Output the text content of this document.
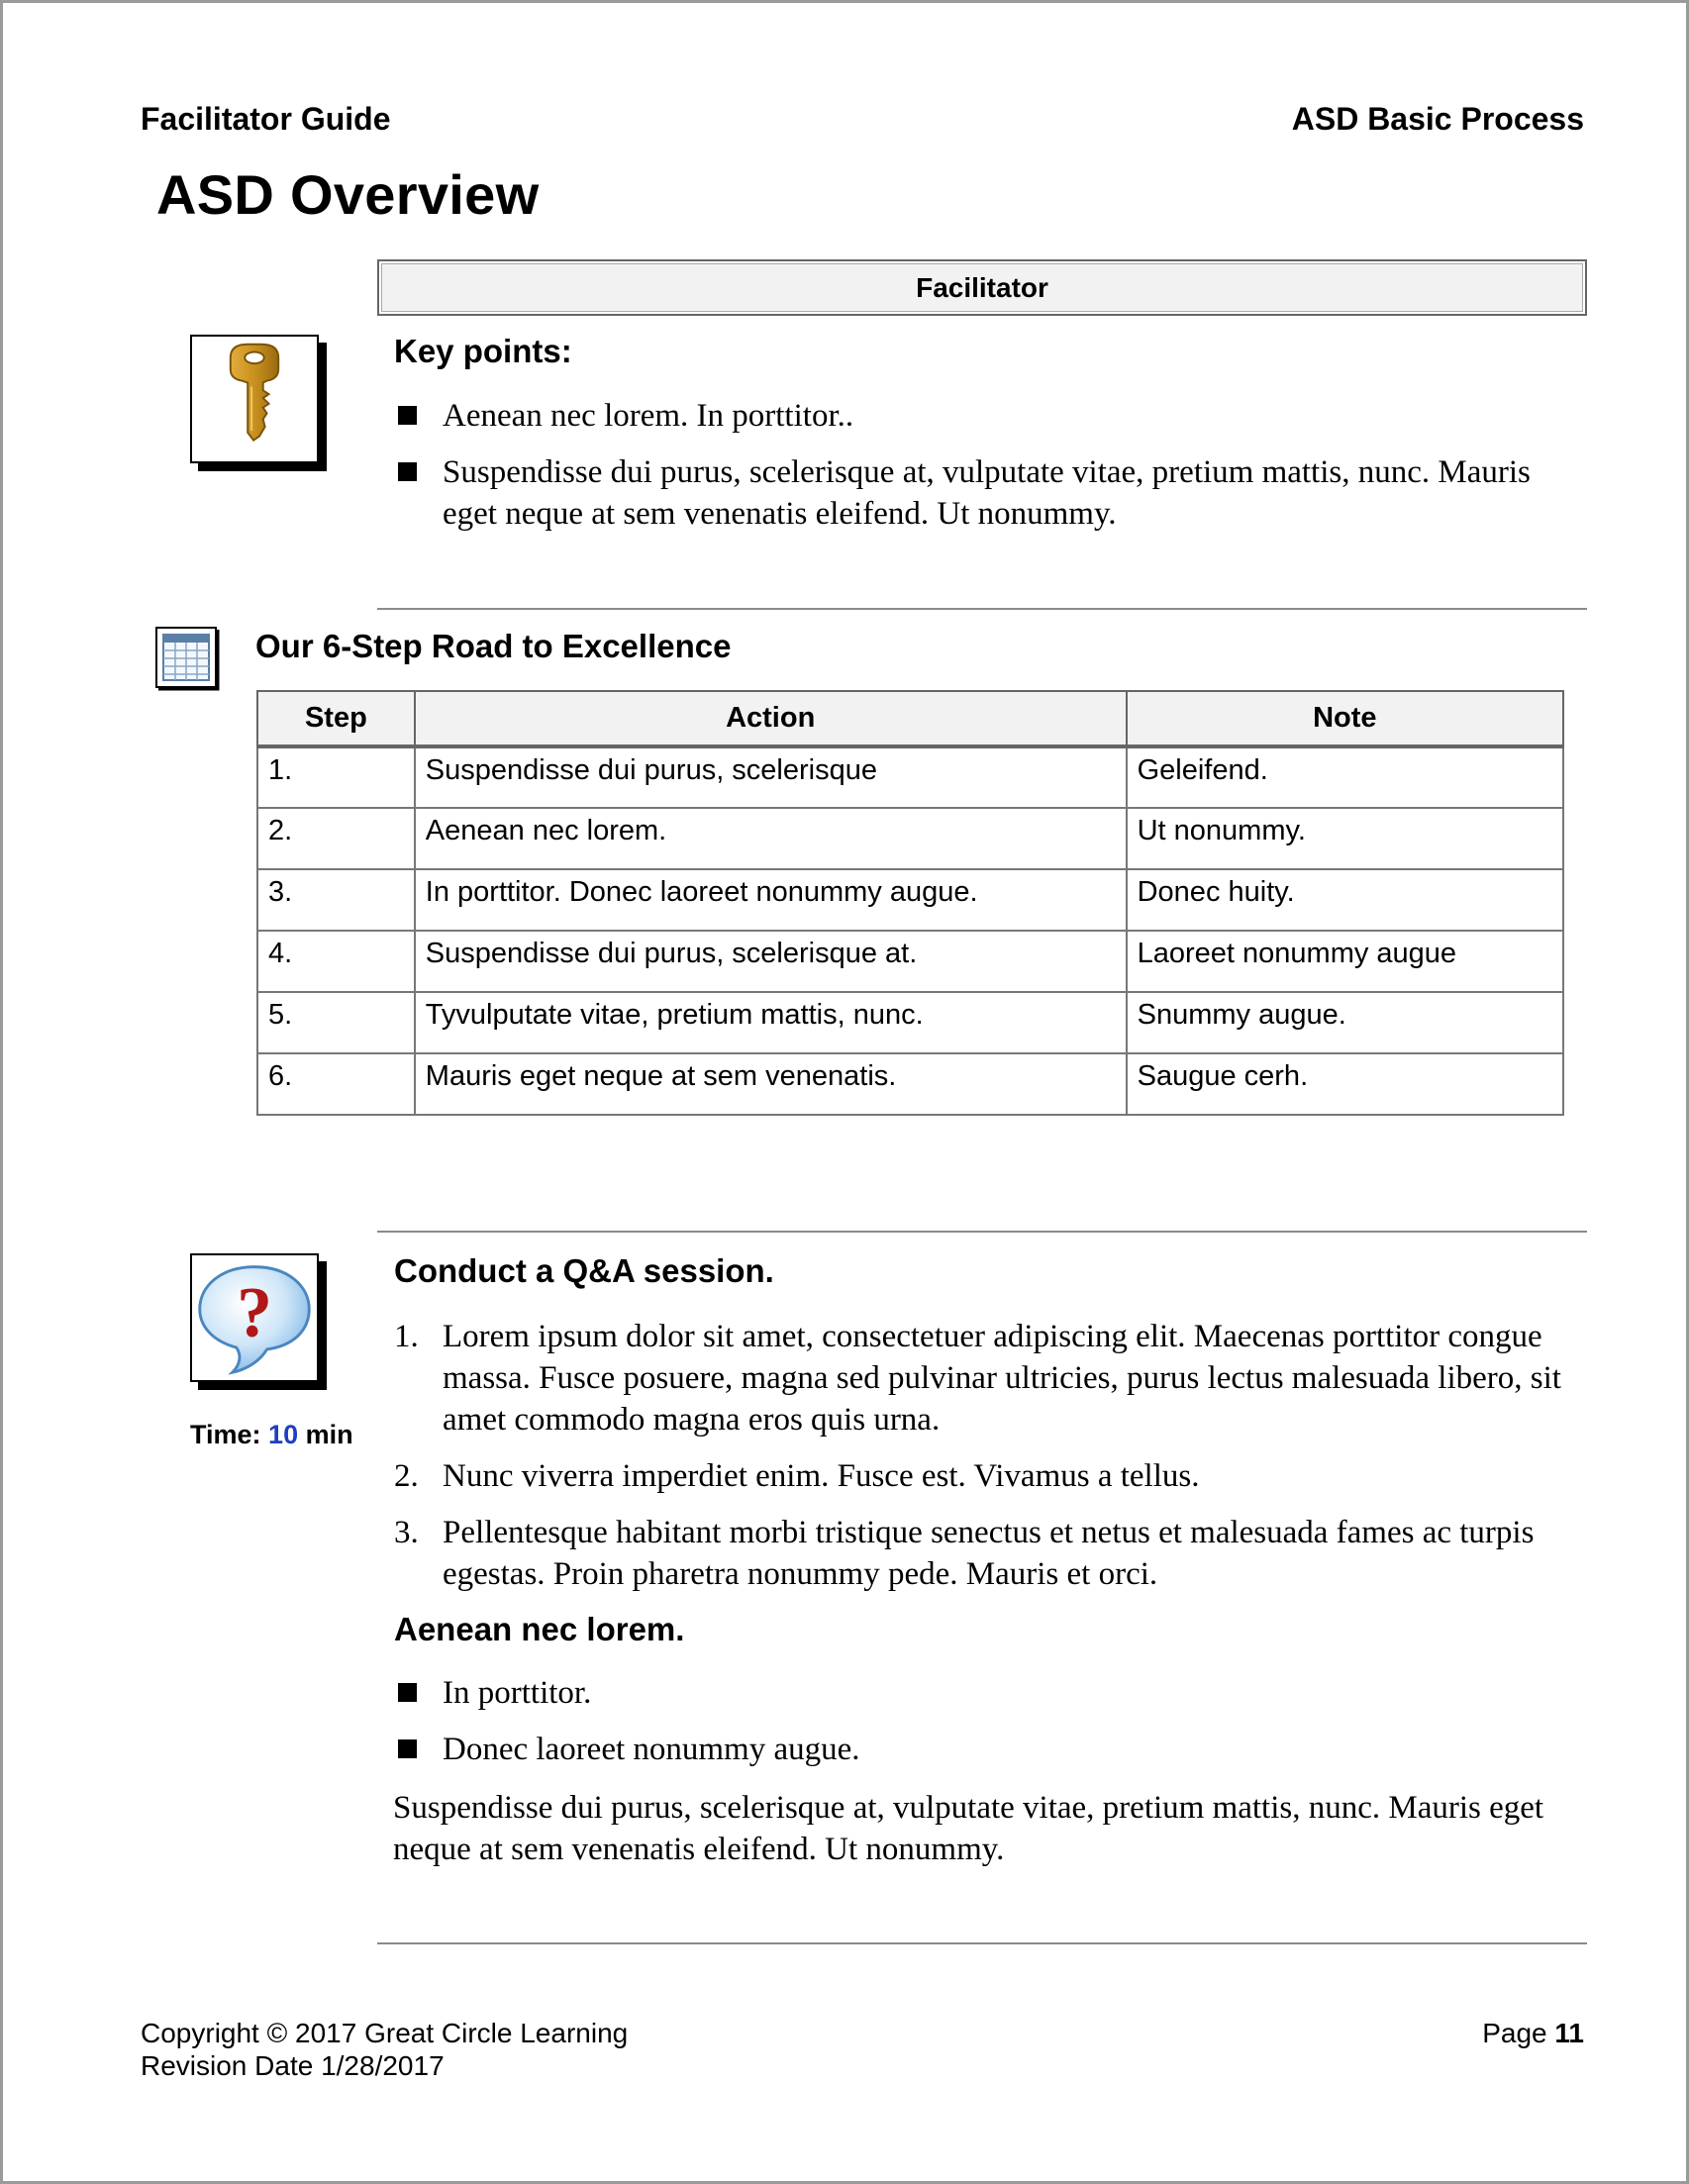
Facilitator Guide	ASD Basic Process
ASD Overview
Facilitator
Key points:
Aenean nec lorem. In porttitor..
Suspendisse dui purus, scelerisque at, vulputate vitae, pretium mattis, nunc. Mauris eget neque at sem venenatis eleifend. Ut nonummy.
Our 6-Step Road to Excellence
Step	Action	Note
1.	Suspendisse dui purus, scelerisque	Geleifend.
2.	Aenean nec lorem.	Ut nonummy.
3.	In porttitor. Donec laoreet nonummy augue.	Donec huity.
4.	Suspendisse dui purus, scelerisque at.	Laoreet nonummy augue
5.	Tyvulputate vitae, pretium mattis, nunc.	Snummy augue.
6.	Mauris eget neque at sem venenatis.	Saugue cerh.
?
Time: 10 min
Conduct a Q&A session.
1. Lorem ipsum dolor sit amet, consectetuer adipiscing elit. Maecenas porttitor congue massa. Fusce posuere, magna sed pulvinar ultricies, purus lectus malesuada libero, sit amet commodo magna eros quis urna.
2. Nunc viverra imperdiet enim. Fusce est. Vivamus a tellus.
3. Pellentesque habitant morbi tristique senectus et netus et malesuada fames ac turpis egestas. Proin pharetra nonummy pede. Mauris et orci.
Aenean nec lorem.
In porttitor.
Donec laoreet nonummy augue.
Suspendisse dui purus, scelerisque at, vulputate vitae, pretium mattis, nunc. Mauris eget neque at sem venenatis eleifend. Ut nonummy.
Copyright © 2017 Great Circle Learning
Revision Date 1/28/2017
Page 11
